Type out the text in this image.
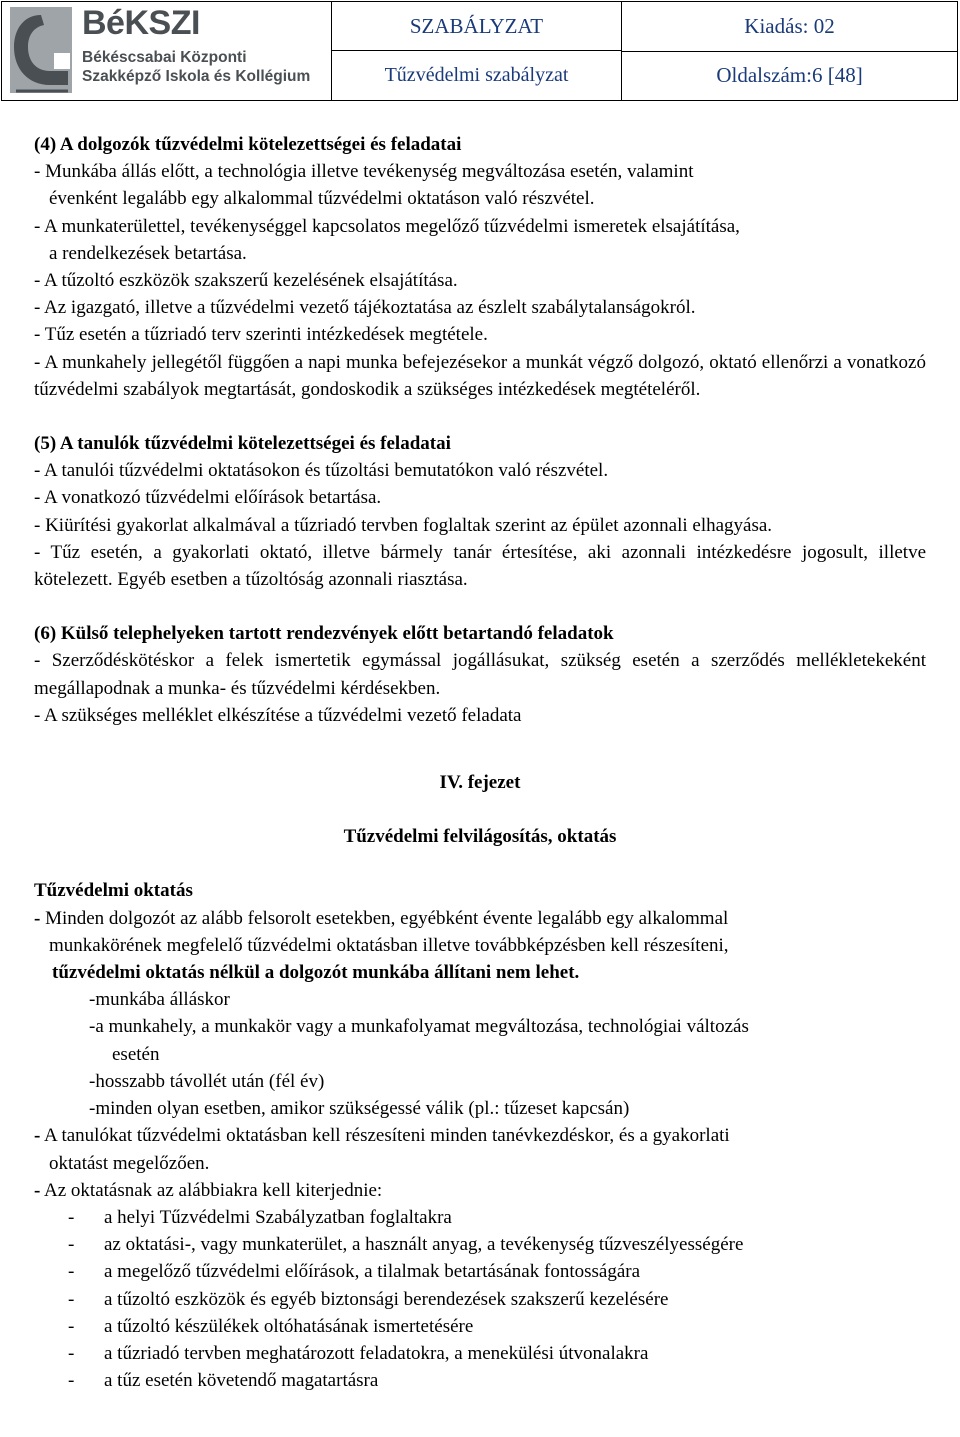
BéKSZI
Békéscsabai Központi
Szakképző Iskola és Kollégium
SZABÁLYZAT	Kiadás: 02
Tűzvédelmi szabályzat	Oldalszám:6 [48]

(4) A dolgozók tűzvédelmi kötelezettségei és feladatai

- Munkába állás előtt, a technológia illetve tevékenység megváltozása esetén, valamint

évenként legalább egy alkalommal tűzvédelmi oktatáson való részvétel.

- A munkaterülettel, tevékenységgel kapcsolatos megelőző tűzvédelmi ismeretek elsajátítása,

a rendelkezések betartása.

- A tűzoltó eszközök szakszerű kezelésének elsajátítása.

- Az igazgató, illetve a tűzvédelmi vezető tájékoztatása az észlelt szabálytalanságokról.

- Tűz esetén a tűzriadó terv szerinti intézkedések megtétele.

- A munkahely jellegétől függően a napi munka befejezésekor a munkát végző dolgozó, oktató ellenőrzi a vonatkozó tűzvédelmi szabályok megtartását, gondoskodik a szükséges intézkedések megtételéről.

(5) A tanulók tűzvédelmi kötelezettségei és feladatai

- A tanulói tűzvédelmi oktatásokon és tűzoltási bemutatókon való részvétel.

- A vonatkozó tűzvédelmi előírások betartása.

- Kiürítési gyakorlat alkalmával a tűzriadó tervben foglaltak szerint az épület azonnali elhagyása.

- Tűz esetén, a gyakorlati oktató, illetve bármely tanár értesítése, aki azonnali intézkedésre jogosult, illetve kötelezett. Egyéb esetben a tűzoltóság azonnali riasztása.

(6) Külső telephelyeken tartott rendezvények előtt betartandó feladatok

- Szerződéskötéskor a felek ismertetik egymással jogállásukat, szükség esetén a szerződés mellékletekeként megállapodnak a munka- és tűzvédelmi kérdésekben.

- A szükséges melléklet elkészítése a tűzvédelmi vezető feladata

IV. fejezet

Tűzvédelmi felvilágosítás, oktatás

Tűzvédelmi oktatás

- Minden dolgozót az alább felsorolt esetekben, egyébként évente legalább egy alkalommal

munkakörének megfelelő tűzvédelmi oktatásban illetve továbbképzésben kell részesíteni,

tűzvédelmi oktatás nélkül a dolgozót munkába állítani nem lehet.

-munkába álláskor

-a munkahely, a munkakör vagy a munkafolyamat megváltozása, technológiai változás

esetén

-hosszabb távollét után (fél év)

-minden olyan esetben, amikor szükségessé válik (pl.: tűzeset kapcsán)

- A tanulókat tűzvédelmi oktatásban kell részesíteni minden tanévkezdéskor, és a gyakorlati

oktatást megelőzően.

- Az oktatásnak az alábbiakra kell kiterjednie:

- a helyi Tűzvédelmi Szabályzatban foglaltakra
- az oktatási-, vagy munkaterület, a használt anyag, a tevékenység tűzveszélyességére
- a megelőző tűzvédelmi előírások, a tilalmak betartásának fontosságára
- a tűzoltó eszközök és egyéb biztonsági berendezések szakszerű kezelésére
- a tűzoltó készülékek oltóhatásának ismertetésére
- a tűzriadó tervben meghatározott feladatokra, a menekülési útvonalakra
- a tűz esetén követendő magatartásra
